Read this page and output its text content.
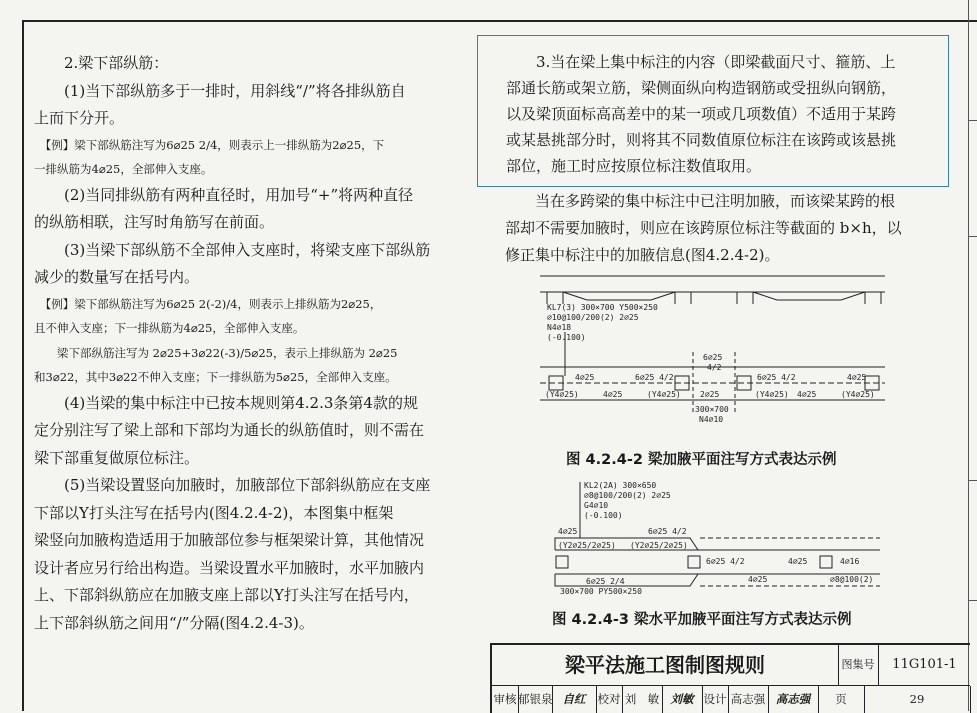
　　2.梁下部纵筋：
　　(1)当下部纵筋多于一排时，用斜线“/”将各排纵筋自
上而下分开。
　【例】梁下部纵筋注写为6⌀25 2/4，则表示上一排纵筋为2⌀25，下
一排纵筋为4⌀25，全部伸入支座。
　　(2)当同排纵筋有两种直径时，用加号“+”将两种直径
的纵筋相联，注写时角筋写在前面。
　　(3)当梁下部纵筋不全部伸入支座时，将梁支座下部纵筋
减少的数量写在括号内。
　【例】梁下部纵筋注写为6⌀25 2(-2)/4，则表示上排纵筋为2⌀25，
且不伸入支座；下一排纵筋为4⌀25，全部伸入支座。
　　梁下部纵筋注写为 2⌀25+3⌀22(-3)/5⌀25，表示上排纵筋为 2⌀25
和3⌀22，其中3⌀22不伸入支座；下一排纵筋为5⌀25，全部伸入支座。
　　(4)当梁的集中标注中已按本规则第4.2.3条第4款的规
定分别注写了梁上部和下部均为通长的纵筋值时，则不需在
梁下部重复做原位标注。
　　(5)当梁设置竖向加腋时，加腋部位下部斜纵筋应在支座
下部以Y打头注写在括号内(图4.2.4-2)，本图集中框架
梁竖向加腋构造适用于加腋部位参与框架梁计算，其他情况
设计者应另行给出构造。当梁设置水平加腋时，水平加腋内
上、下部斜纵筋应在加腋支座上部以Y打头注写在括号内，
上下部斜纵筋之间用“/”分隔(图4.2.4-3)。
　　3.当在梁上集中标注的内容（即梁截面尺寸、箍筋、上
部通长筋或架立筋，梁侧面纵向构造钢筋或受扭纵向钢筋，
以及梁顶面标高高差中的某一项或几项数值）不适用于某跨
或某悬挑部分时，则将其不同数值原位标注在该跨或该悬挑
部位，施工时应按原位标注数值取用。
　　当在多跨梁的集中标注中已注明加腋，而该梁某跨的根
部却不需要加腋时，则应在该跨原位标注等截面的 b×h，以
修正集中标注中的加腋信息(图4.2.4-2)。
KL7(3) 300×700 Y500×250
⌀10@100/200(2) 2⌀25
N4⌀18
(-0.100)
4⌀25	6⌀25 4/2
6⌀25
4/2
6⌀25 4/2	4⌀25
(Y4⌀25)	4⌀25	(Y4⌀25)	(Y4⌀25) 4⌀25	(Y4⌀25)
2⌀25
300×700
N4⌀10
图 4.2.4-2 梁加腋平面注写方式表达示例
KL2(2A) 300×650
⌀8@100/200(2) 2⌀25
G4⌀10
(-0.100)
4⌀25	6⌀25 4/2
(Y2⌀25/2⌀25) (Y2⌀25/2⌀25)
6⌀25 4/2	4⌀25	4⌀16
6⌀25 2/4
300×700 PY500×250
4⌀25	⌀8@100(2)
图 4.2.4-3 梁水平加腋平面注写方式表达示例
梁平法施工图制图规则	图集号	11G101-1
审核 郁银泉 自红	校对 刘　敏 刘敏 设计 高志强 高志强	页	29
